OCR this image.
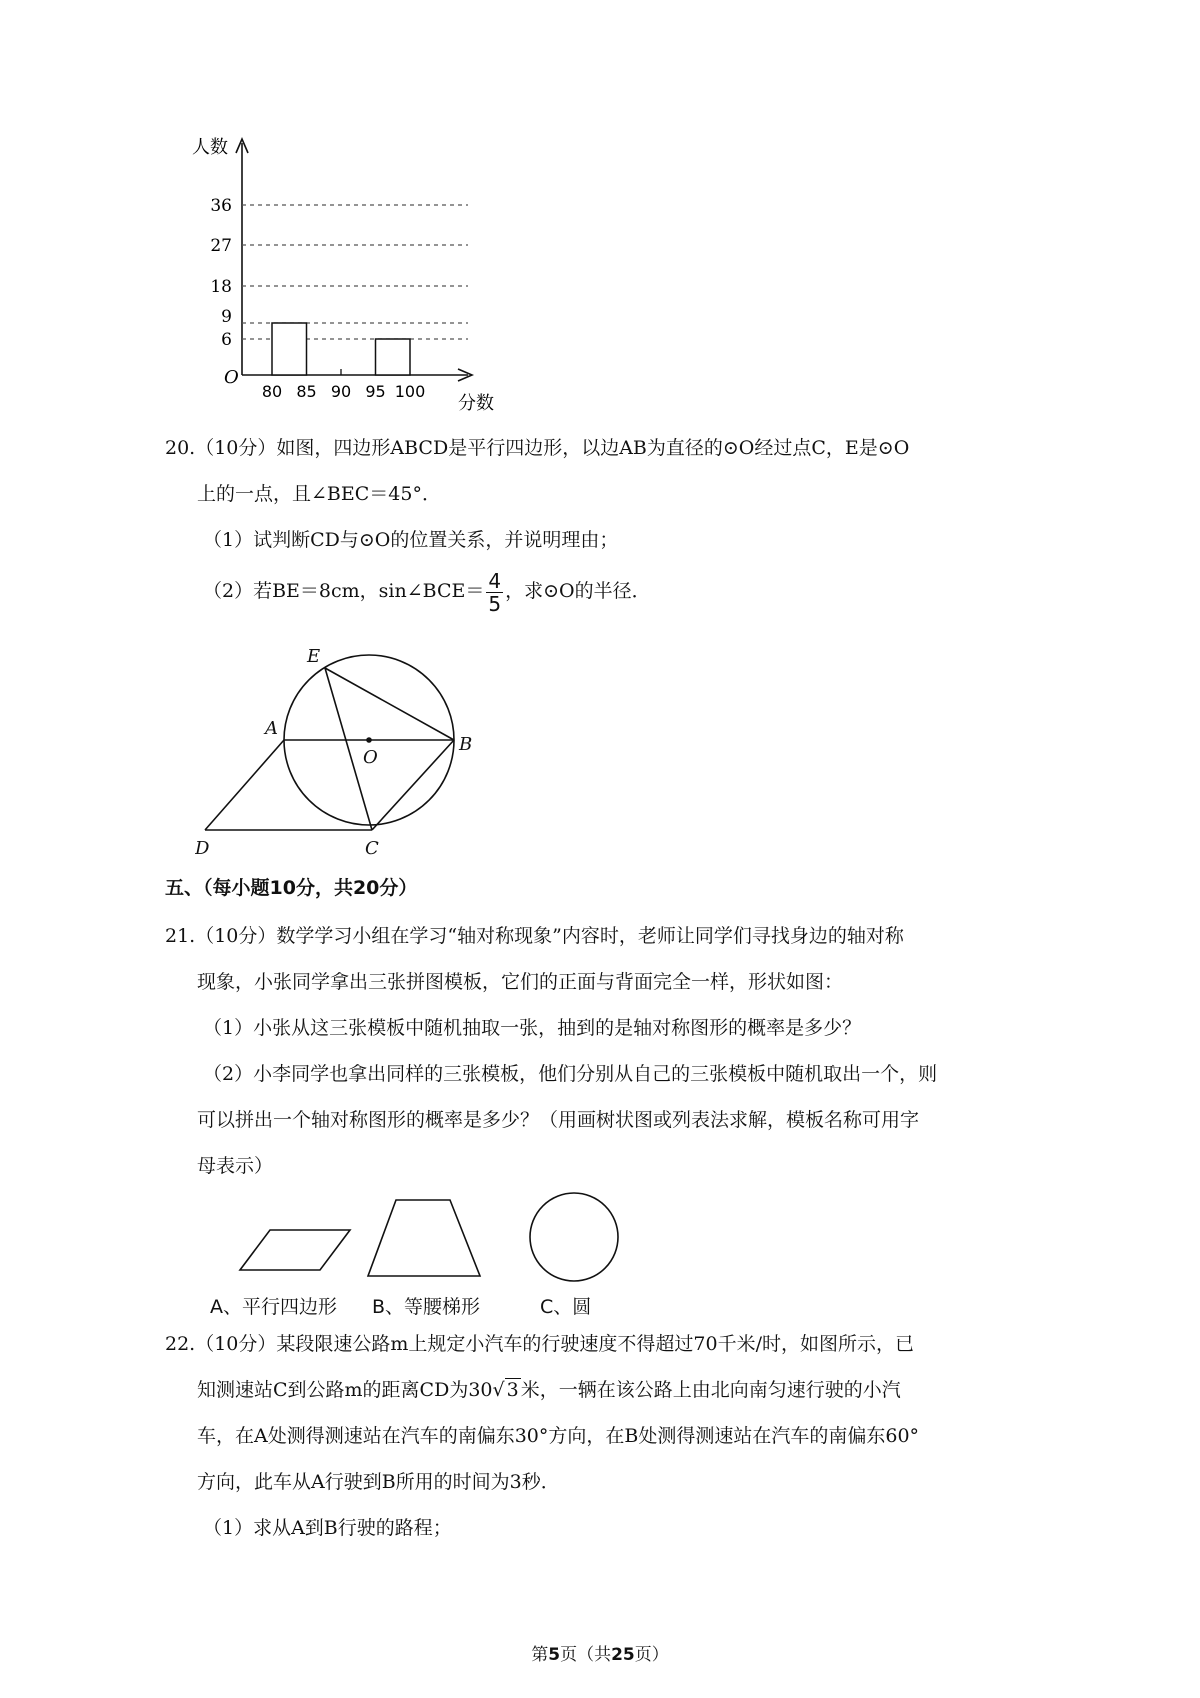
人数
分数
O
36
27
18
9
6
80 85 90 95 100
20.（10分）如图，四边形ABCD是平行四边形，以边AB为直径的⊙O经过点C，E是⊙O
上的一点，且∠BEC＝45°．
（1）试判断CD与⊙O的位置关系，并说明理由；
（2）若BE＝8cm，sin∠BCE＝ $\frac{4}{5}$ ，求⊙O的半径．
E
A
O
B
D	C
五、（每小题10分，共20分）
21.（10分）数学学习小组在学习“轴对称现象”内容时，老师让同学们寻找身边的轴对称
现象，小张同学拿出三张拼图模板，它们的正面与背面完全一样，形状如图：
（1）小张从这三张模板中随机抽取一张，抽到的是轴对称图形的概率是多少？
（2）小李同学也拿出同样的三张模板，他们分别从自己的三张模板中随机取出一个，则
可以拼出一个轴对称图形的概率是多少？（用画树状图或列表法求解，模板名称可用字
母表示）
A、平行四边形 B、等腰梯形	C、圆
22.（10分）某段限速公路m上规定小汽车的行驶速度不得超过70千米/时，如图所示，已
知测速站C到公路m的距离CD为30√ 3 米，一辆在该公路上由北向南匀速行驶的小汽
车，在A处测得测速站在汽车的南偏东30°方向，在B处测得测速站在汽车的南偏东60°
方向，此车从A行驶到B所用的时间为3秒．
（1）求从A到B行驶的路程；
第5页（共25页）
